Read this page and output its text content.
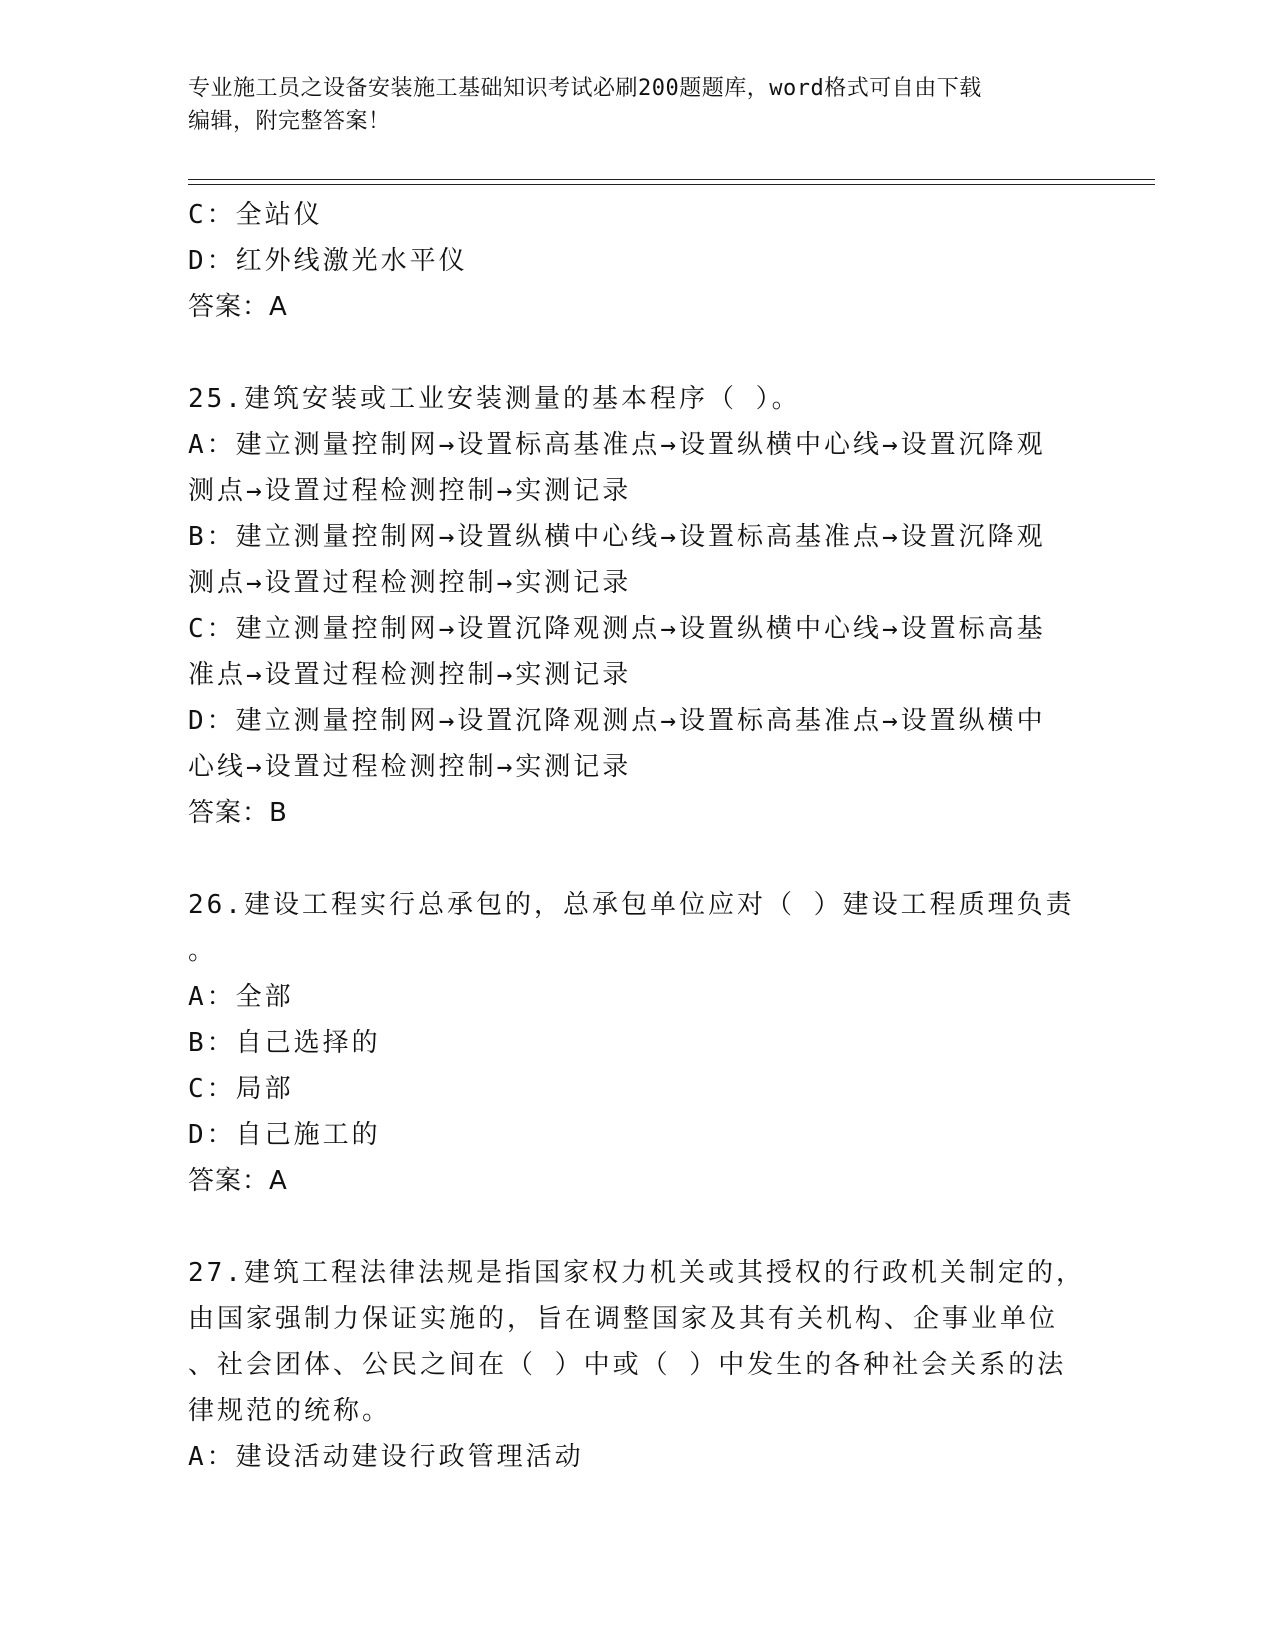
专业施工员之设备安装施工基础知识考试必刷200题题库，word格式可自由下载
编辑，附完整答案！
C：全站仪
D：红外线激光水平仪
答案：A
25.建筑安装或工业安装测量的基本程序（ ）。
A：建立测量控制网→设置标高基准点→设置纵横中心线→设置沉降观
测点→设置过程检测控制→实测记录
B：建立测量控制网→设置纵横中心线→设置标高基准点→设置沉降观
测点→设置过程检测控制→实测记录
C：建立测量控制网→设置沉降观测点→设置纵横中心线→设置标高基
准点→设置过程检测控制→实测记录
D：建立测量控制网→设置沉降观测点→设置标高基准点→设置纵横中
心线→设置过程检测控制→实测记录
答案：B
26.建设工程实行总承包的，总承包单位应对（ ）建设工程质理负责
。
A：全部
B：自己选择的
C：局部
D：自己施工的
答案：A
27.建筑工程法律法规是指国家权力机关或其授权的行政机关制定的，
由国家强制力保证实施的，旨在调整国家及其有关机构、企事业单位
、社会团体、公民之间在（ ）中或（ ）中发生的各种社会关系的法
律规范的统称。
A：建设活动建设行政管理活动
